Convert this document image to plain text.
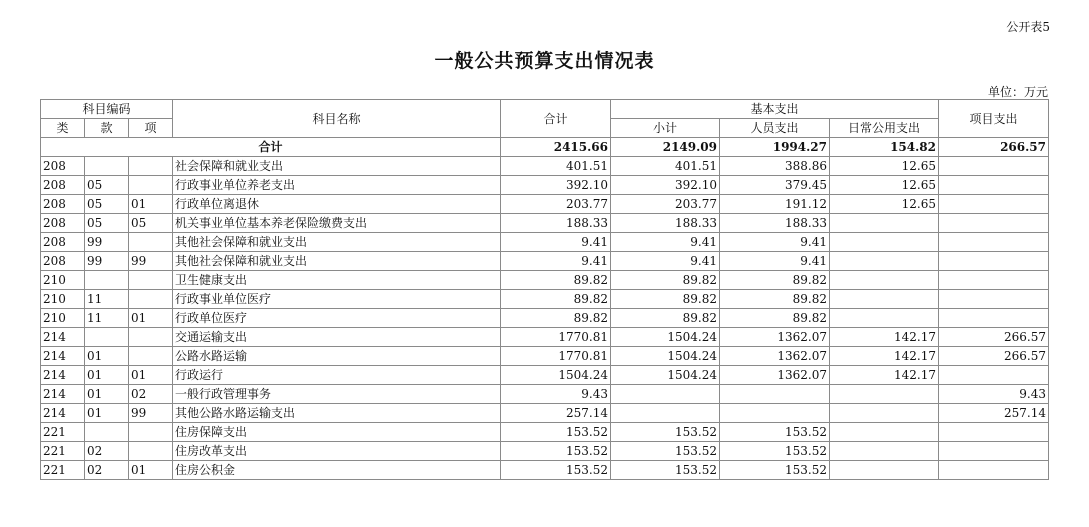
公开表5
一般公共预算支出情况表
单位：万元
科目编码			科目名称	合计	基本支出			项目支出
类	款	项			小计	人员支出	日常公用支出	
合计				2415.66	2149.09	1994.27	154.82	266.57
208			社会保障和就业支出	401.51	401.51	388.86	12.65	
208	05		行政事业单位养老支出	392.10	392.10	379.45	12.65	
208	05	01	行政单位离退休	203.77	203.77	191.12	12.65	
208	05	05	机关事业单位基本养老保险缴费支出	188.33	188.33	188.33		
208	99		其他社会保障和就业支出	9.41	9.41	9.41		
208	99	99	其他社会保障和就业支出	9.41	9.41	9.41		
210			卫生健康支出	89.82	89.82	89.82		
210	11		行政事业单位医疗	89.82	89.82	89.82		
210	11	01	行政单位医疗	89.82	89.82	89.82		
214			交通运输支出	1770.81	1504.24	1362.07	142.17	266.57
214	01		公路水路运输	1770.81	1504.24	1362.07	142.17	266.57
214	01	01	行政运行	1504.24	1504.24	1362.07	142.17	
214	01	02	一般行政管理事务	9.43				9.43
214	01	99	其他公路水路运输支出	257.14				257.14
221			住房保障支出	153.52	153.52	153.52		
221	02		住房改革支出	153.52	153.52	153.52		
221	02	01	住房公积金	153.52	153.52	153.52		
